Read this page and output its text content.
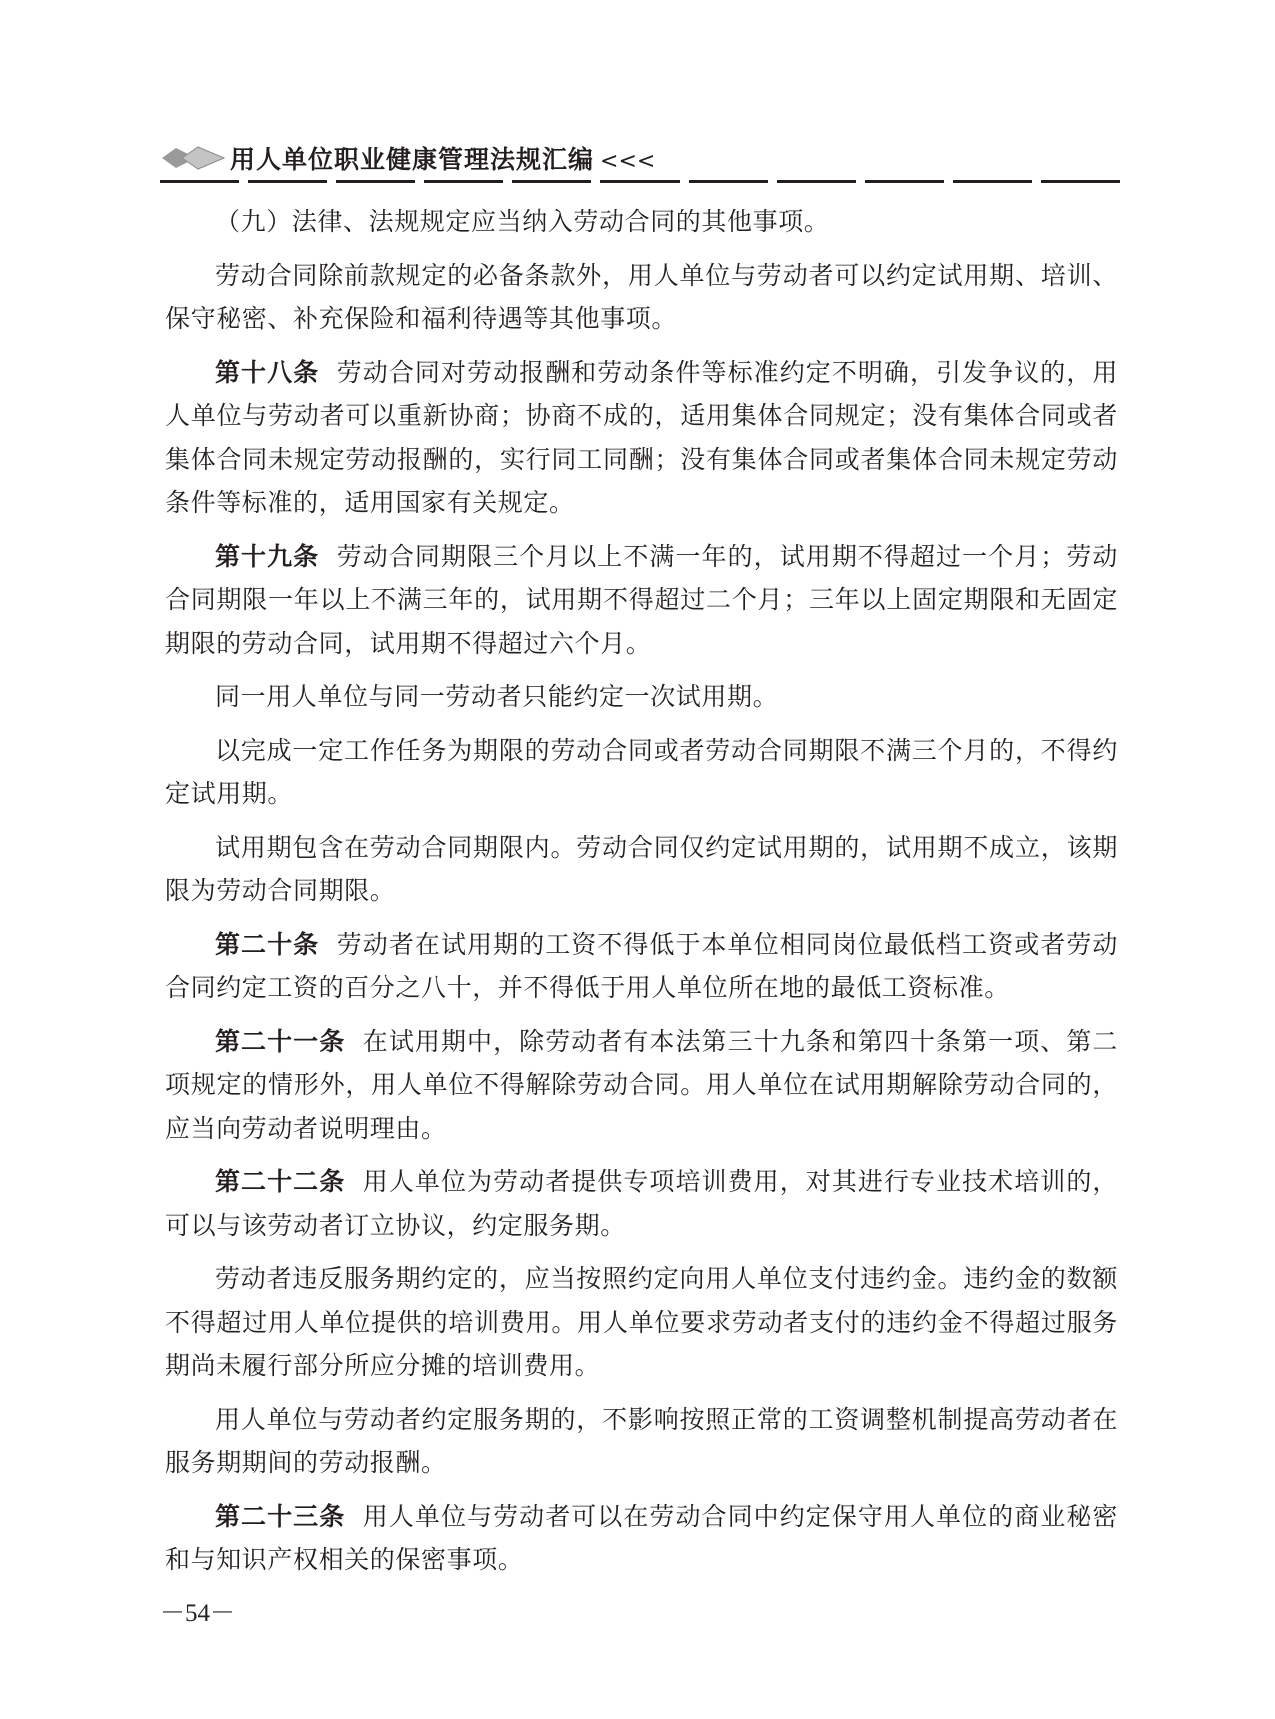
用人单位职业健康管理法规汇编 <<<

（九）法律、法规规定应当纳入劳动合同的其他事项。

劳动合同除前款规定的必备条款外，用人单位与劳动者可以约定试用期、培训、保守秘密、补充保险和福利待遇等其他事项。

第十八条 劳动合同对劳动报酬和劳动条件等标准约定不明确，引发争议的，用人单位与劳动者可以重新协商；协商不成的，适用集体合同规定；没有集体合同或者集体合同未规定劳动报酬的，实行同工同酬；没有集体合同或者集体合同未规定劳动条件等标准的，适用国家有关规定。

第十九条 劳动合同期限三个月以上不满一年的，试用期不得超过一个月；劳动合同期限一年以上不满三年的，试用期不得超过二个月；三年以上固定期限和无固定期限的劳动合同，试用期不得超过六个月。

同一用人单位与同一劳动者只能约定一次试用期。

以完成一定工作任务为期限的劳动合同或者劳动合同期限不满三个月的，不得约定试用期。

试用期包含在劳动合同期限内。劳动合同仅约定试用期的，试用期不成立，该期限为劳动合同期限。

第二十条 劳动者在试用期的工资不得低于本单位相同岗位最低档工资或者劳动合同约定工资的百分之八十，并不得低于用人单位所在地的最低工资标准。

第二十一条 在试用期中，除劳动者有本法第三十九条和第四十条第一项、第二项规定的情形外，用人单位不得解除劳动合同。用人单位在试用期解除劳动合同的，应当向劳动者说明理由。

第二十二条 用人单位为劳动者提供专项培训费用，对其进行专业技术培训的，可以与该劳动者订立协议，约定服务期。

劳动者违反服务期约定的，应当按照约定向用人单位支付违约金。违约金的数额不得超过用人单位提供的培训费用。用人单位要求劳动者支付的违约金不得超过服务期尚未履行部分所应分摊的培训费用。

用人单位与劳动者约定服务期的，不影响按照正常的工资调整机制提高劳动者在服务期期间的劳动报酬。

第二十三条 用人单位与劳动者可以在劳动合同中约定保守用人单位的商业秘密和与知识产权相关的保密事项。

－54－
